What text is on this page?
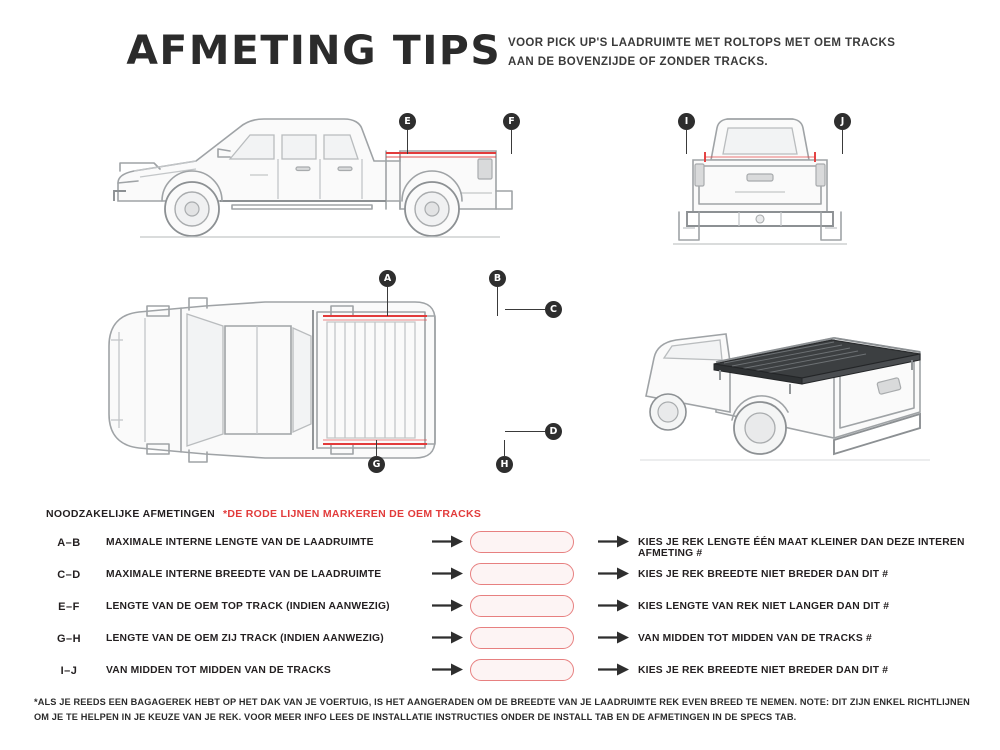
AFMETING TIPS VOOR PICK UP'S LAADRUIMTE MET ROLTOPS MET OEM TRACKS AAN DE BOVENZIJDE OF ZONDER TRACKS.
E	F	I	J
A	B
C
D
G	H
NOODZAKELIJKE AFMETINGEN *DE RODE LIJNEN MARKEREN DE OEM TRACKS
A–B	MAXIMALE INTERNE LENGTE VAN DE LAADRUIMTE	KIES JE REK LENGTE ÉÉN MAAT KLEINER DAN DEZE INTEREN AFMETING #
C–D	MAXIMALE INTERNE BREEDTE VAN DE LAADRUIMTE	KIES JE REK BREEDTE NIET BREDER DAN DIT #
E–F	LENGTE VAN DE OEM TOP TRACK (INDIEN AANWEZIG)	KIES LENGTE VAN REK NIET LANGER DAN DIT #
G–H	LENGTE VAN DE OEM ZIJ TRACK (INDIEN AANWEZIG)	VAN MIDDEN TOT MIDDEN VAN DE TRACKS #
I–J	VAN MIDDEN TOT MIDDEN VAN DE TRACKS	KIES JE REK BREEDTE NIET BREDER DAN DIT #
*ALS JE REEDS EEN BAGAGEREK HEBT OP HET DAK VAN JE VOERTUIG, IS HET AANGERADEN OM DE BREEDTE VAN JE LAADRUIMTE REK EVEN BREED TE NEMEN. NOTE: DIT ZIJN ENKEL RICHTLIJNEN OM JE TE HELPEN IN JE KEUZE VAN JE REK. VOOR MEER INFO LEES DE INSTALLATIE INSTRUCTIES ONDER DE INSTALL TAB EN DE AFMETINGEN IN DE SPECS TAB.
